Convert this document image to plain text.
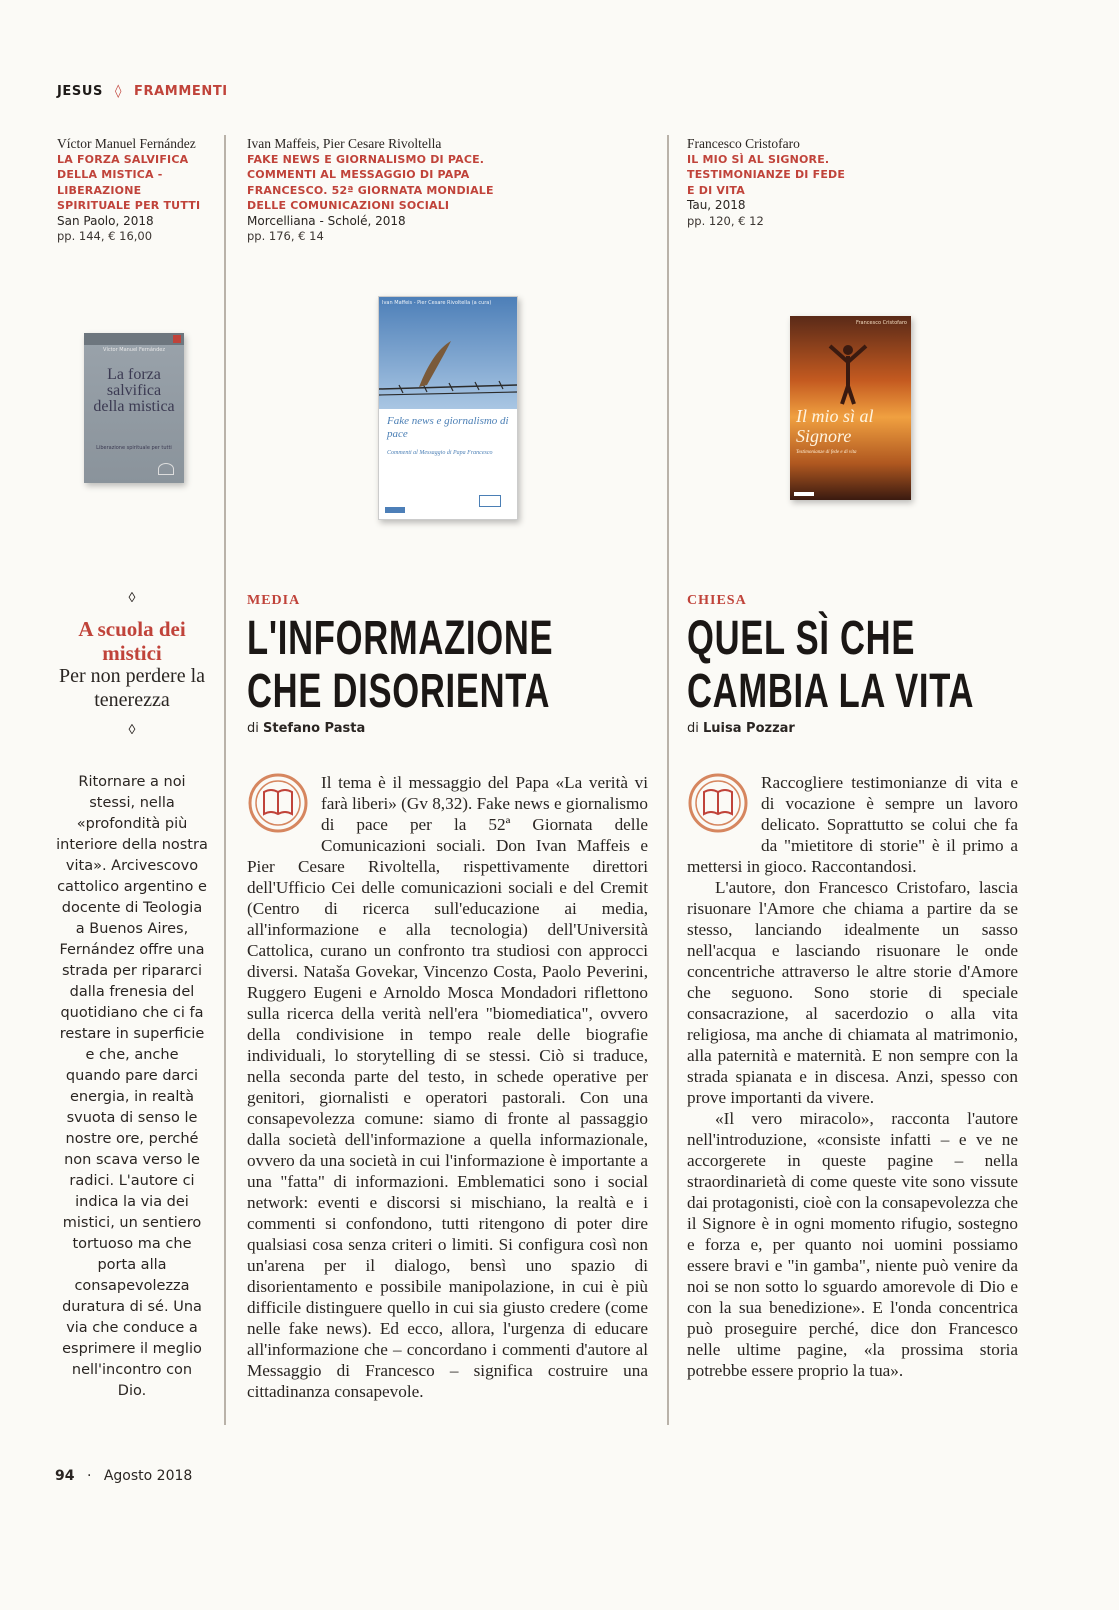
JESUS ◊ FRAMMENTI
Víctor Manuel Fernández
LA FORZA SALVIFICA DELLA MISTICA - LIBERAZIONE SPIRITUALE PER TUTTI
San Paolo, 2018
pp. 144, € 16,00
Ivan Maffeis, Pier Cesare Rivoltella
FAKE NEWS E GIORNALISMO DI PACE. COMMENTI AL MESSAGGIO DI PAPA FRANCESCO. 52ª GIORNATA MONDIALE DELLE COMUNICAZIONI SOCIALI
Morcelliana - Scholé, 2018
pp. 176, € 14
Francesco Cristofaro
IL MIO SÌ AL SIGNORE. TESTIMONIANZE DI FEDE E DI VITA
Tau, 2018
pp. 120, € 12
Víctor Manuel Fernández
La forza salvifica della mistica
Liberazione spirituale per tutti
Ivan Maffeis - Pier Cesare Rivoltella (a cura)
Fake news e giornalismo di pace
Commenti al Messaggio di Papa Francesco
Francesco Cristofaro
Il mio sì al Signore
Testimonianze di fede e di vita
◊
A scuola dei mistici
Per non perdere la tenerezza
◊
Ritornare a noi stessi, nella «profondità più interiore della nostra vita». Arcivescovo cattolico argentino e docente di Teologia a Buenos Aires, Fernández offre una strada per ripararci dalla frenesia del quotidiano che ci fa restare in superficie e che, anche quando pare darci energia, in realtà svuota di senso le nostre ore, perché non scava verso le radici. L'autore ci indica la via dei mistici, un sentiero tortuoso ma che porta alla consapevolezza duratura di sé. Una via che conduce a esprimere il meglio nell'incontro con Dio.
MEDIA
L'INFORMAZIONE
CHE DISORIENTA
di Stefano Pasta

Il tema è il messaggio del Papa «La verità vi farà liberi» (Gv 8,32). Fake news e giornalismo di pace per la 52ª Giornata delle Comunicazioni sociali. Don Ivan Maffeis e Pier Cesare Rivoltella, rispettivamente direttori dell'Ufficio Cei delle comunicazioni sociali e del Cremit (Centro di ricerca sull'educazione ai media, all'informazione e alla tecnologia) dell'Università Cattolica, curano un confronto tra studiosi con approcci diversi. Nataša Govekar, Vincenzo Costa, Paolo Peverini, Ruggero Eugeni e Arnoldo Mosca Mondadori riflettono sulla ricerca della verità nell'era "biomediatica", ovvero della condivisione in tempo reale delle biografie individuali, lo storytelling di se stessi. Ciò si traduce, nella seconda parte del testo, in schede operative per genitori, giornalisti e operatori pastorali. Con una consapevolezza comune: siamo di fronte al passaggio dalla società dell'informazione a quella informazionale, ovvero da una società in cui l'informazione è importante a una "fatta" di informazioni. Emblematici sono i social network: eventi e discorsi si mischiano, la realtà e i commenti si confondono, tutti ritengono di poter dire qualsiasi cosa senza criteri o limiti. Si configura così non un'arena per il dialogo, bensì uno spazio di disorientamento e possibile manipolazione, in cui è più difficile distinguere quello in cui sia giusto credere (come nelle fake news). Ed ecco, allora, l'urgenza di educare all'informazione che – concordano i commenti d'autore al Messaggio di Francesco – significa costruire una cittadinanza consapevole.

CHIESA
QUEL SÌ CHE
CAMBIA LA VITA
di Luisa Pozzar

Raccogliere testimonianze di vita e di vocazione è sempre un lavoro delicato. Soprattutto se colui che fa da "mietitore di storie" è il primo a mettersi in gioco. Raccontandosi.

L'autore, don Francesco Cristofaro, lascia risuonare l'Amore che chiama a partire da se stesso, lanciando idealmente un sasso nell'acqua e lasciando risuonare le onde concentriche attraverso le altre storie d'Amore che seguono. Sono storie di speciale consacrazione, al sacerdozio o alla vita religiosa, ma anche di chiamata al matrimonio, alla paternità e maternità. E non sempre con la strada spianata e in discesa. Anzi, spesso con prove importanti da vivere.

«Il vero miracolo», racconta l'autore nell'introduzione, «consiste infatti – e ve ne accorgerete in queste pagine – nella straordinarietà di come queste vite sono vissute dai protagonisti, cioè con la consapevolezza che il Signore è in ogni momento rifugio, sostegno e forza e, per quanto noi uomini possiamo essere bravi e "in gamba", niente può venire da noi se non sotto lo sguardo amorevole di Dio e con la sua benedizione». E l'onda concentrica può proseguire perché, dice don Francesco nelle ultime pagine, «la prossima storia potrebbe essere proprio la tua».

94 · Agosto 2018
